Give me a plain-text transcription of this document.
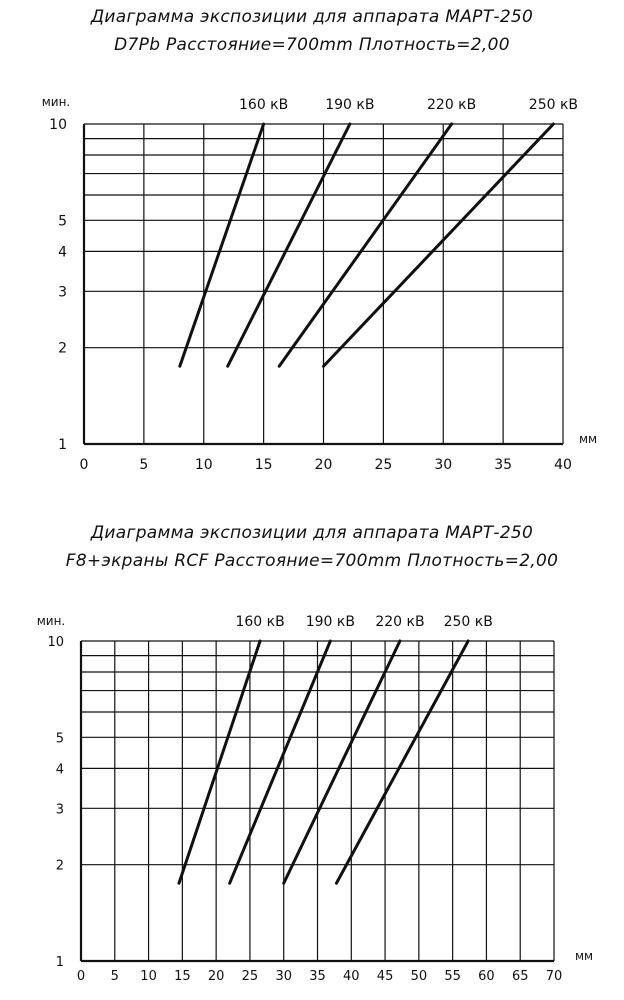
Диаграмма экспозиции для аппарата МАРТ-250
D7Pb Расстояние=700mm Плотность=2,00
Диаграмма экспозиции для аппарата МАРТ-250
F8+экраны RCF Расстояние=700mm Плотность=2,00
0	5	10	15	20	25	30	35	40
1
2
3
4
5
10
мм
мин.	160 кВ	190 кВ	220 кВ	250 кВ
0 5 10 15 20 25 30 35 40 45 50 55 60 65 70
1
2
3
4
5
10
мм
мин.	160 кВ 190 кВ 220 кВ 250 кВ
